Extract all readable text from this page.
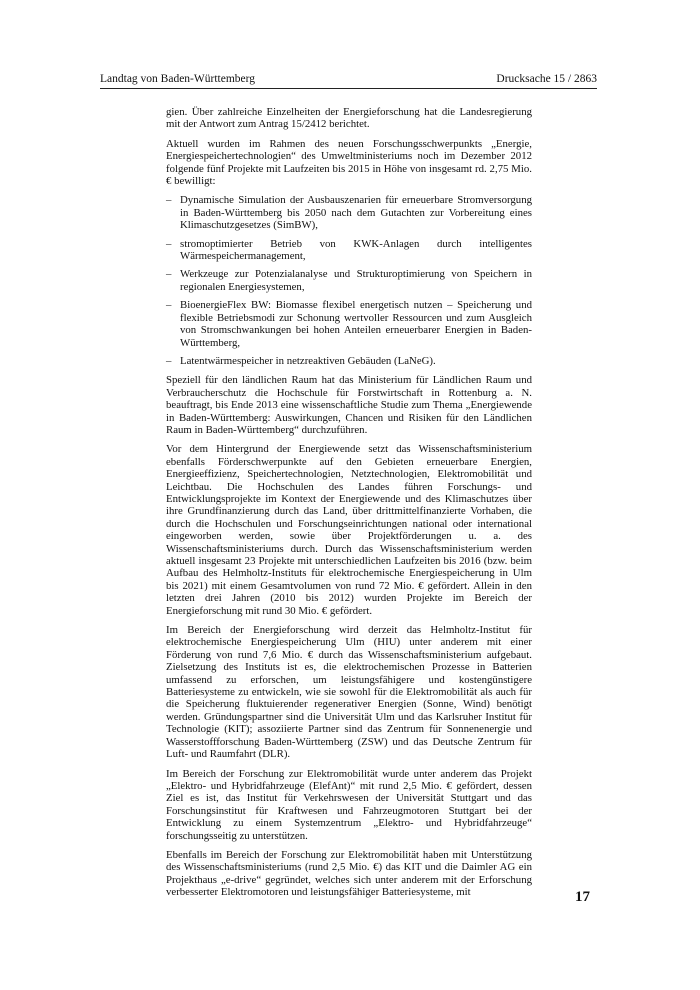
Landtag von Baden-Württemberg	Drucksache 15 / 2863

gien. Über zahlreiche Einzelheiten der Energieforschung hat die Landesregierung mit der Antwort zum Antrag 15/2412 berichtet.

Aktuell wurden im Rahmen des neuen Forschungsschwerpunkts „Energie, Energiespeichertechnologien“ des Umweltministeriums noch im Dezember 2012 folgende fünf Projekte mit Laufzeiten bis 2015 in Höhe von insgesamt rd. 2,75 Mio. € bewilligt:

– Dynamische Simulation der Ausbauszenarien für erneuerbare Stromversorgung in Baden-Württemberg bis 2050 nach dem Gutachten zur Vorbereitung eines Klimaschutzgesetzes (SimBW),
– stromoptimierter Betrieb von KWK-Anlagen durch intelligentes Wärmespeichermanagement,
– Werkzeuge zur Potenzialanalyse und Strukturoptimierung von Speichern in regionalen Energiesystemen,
– BioenergieFlex BW: Biomasse flexibel energetisch nutzen – Speicherung und flexible Betriebsmodi zur Schonung wertvoller Ressourcen und zum Ausgleich von Stromschwankungen bei hohen Anteilen erneuerbarer Energien in Baden-Württemberg,
– Latentwärmespeicher in netzreaktiven Gebäuden (LaNeG).

Speziell für den ländlichen Raum hat das Ministerium für Ländlichen Raum und Verbraucherschutz die Hochschule für Forstwirtschaft in Rottenburg a. N. beauftragt, bis Ende 2013 eine wissenschaftliche Studie zum Thema „Energiewende in Baden-Württemberg: Auswirkungen, Chancen und Risiken für den Ländlichen Raum in Baden-Württemberg“ durchzuführen.

Vor dem Hintergrund der Energiewende setzt das Wissenschaftsministerium ebenfalls Förderschwerpunkte auf den Gebieten erneuerbare Energien, Energieeffizienz, Speichertechnologien, Netztechnologien, Elektromobilität und Leichtbau. Die Hochschulen des Landes führen Forschungs- und Entwicklungsprojekte im Kontext der Energiewende und des Klimaschutzes über ihre Grundfinanzierung durch das Land, über drittmittelfinanzierte Vorhaben, die durch die Hochschulen und Forschungseinrichtungen national oder international eingeworben werden, sowie über Projektförderungen u. a. des Wissenschaftsministeriums durch. Durch das Wissenschaftsministerium werden aktuell insgesamt 23 Projekte mit unterschiedlichen Laufzeiten bis 2016 (bzw. beim Aufbau des Helmholtz-Instituts für elektrochemische Energiespeicherung in Ulm bis 2021) mit einem Gesamtvolumen von rund 72 Mio. € gefördert. Allein in den letzten drei Jahren (2010 bis 2012) wurden Projekte im Bereich der Energieforschung mit rund 30 Mio. € gefördert.

Im Bereich der Energieforschung wird derzeit das Helmholtz-Institut für elektrochemische Energiespeicherung Ulm (HIU) unter anderem mit einer Förderung von rund 7,6 Mio. € durch das Wissenschaftsministerium aufgebaut. Zielsetzung des Instituts ist es, die elektrochemischen Prozesse in Batterien umfassend zu erforschen, um leistungsfähigere und kostengünstigere Batteriesysteme zu entwickeln, wie sie sowohl für die Elektromobilität als auch für die Speicherung fluktuierender regenerativer Energien (Sonne, Wind) benötigt werden. Gründungspartner sind die Universität Ulm und das Karlsruher Institut für Technologie (KIT); assoziierte Partner sind das Zentrum für Sonnenenergie und Wasserstoffforschung Baden-Württemberg (ZSW) und das Deutsche Zentrum für Luft- und Raumfahrt (DLR).

Im Bereich der Forschung zur Elektromobilität wurde unter anderem das Projekt „Elektro- und Hybridfahrzeuge (ElefAnt)“ mit rund 2,5 Mio. € gefördert, dessen Ziel es ist, das Institut für Verkehrswesen der Universität Stuttgart und das Forschungsinstitut für Kraftwesen und Fahrzeugmotoren Stuttgart bei der Entwicklung zu einem Systemzentrum „Elektro- und Hybridfahrzeuge“ forschungsseitig zu unterstützen.

Ebenfalls im Bereich der Forschung zur Elektromobilität haben mit Unterstützung des Wissenschaftsministeriums (rund 2,5 Mio. €) das KIT und die Daimler AG ein Projekthaus „e-drive“ gegründet, welches sich unter anderem mit der Erforschung verbesserter Elektromotoren und leistungsfähiger Batteriesysteme, mit	17
